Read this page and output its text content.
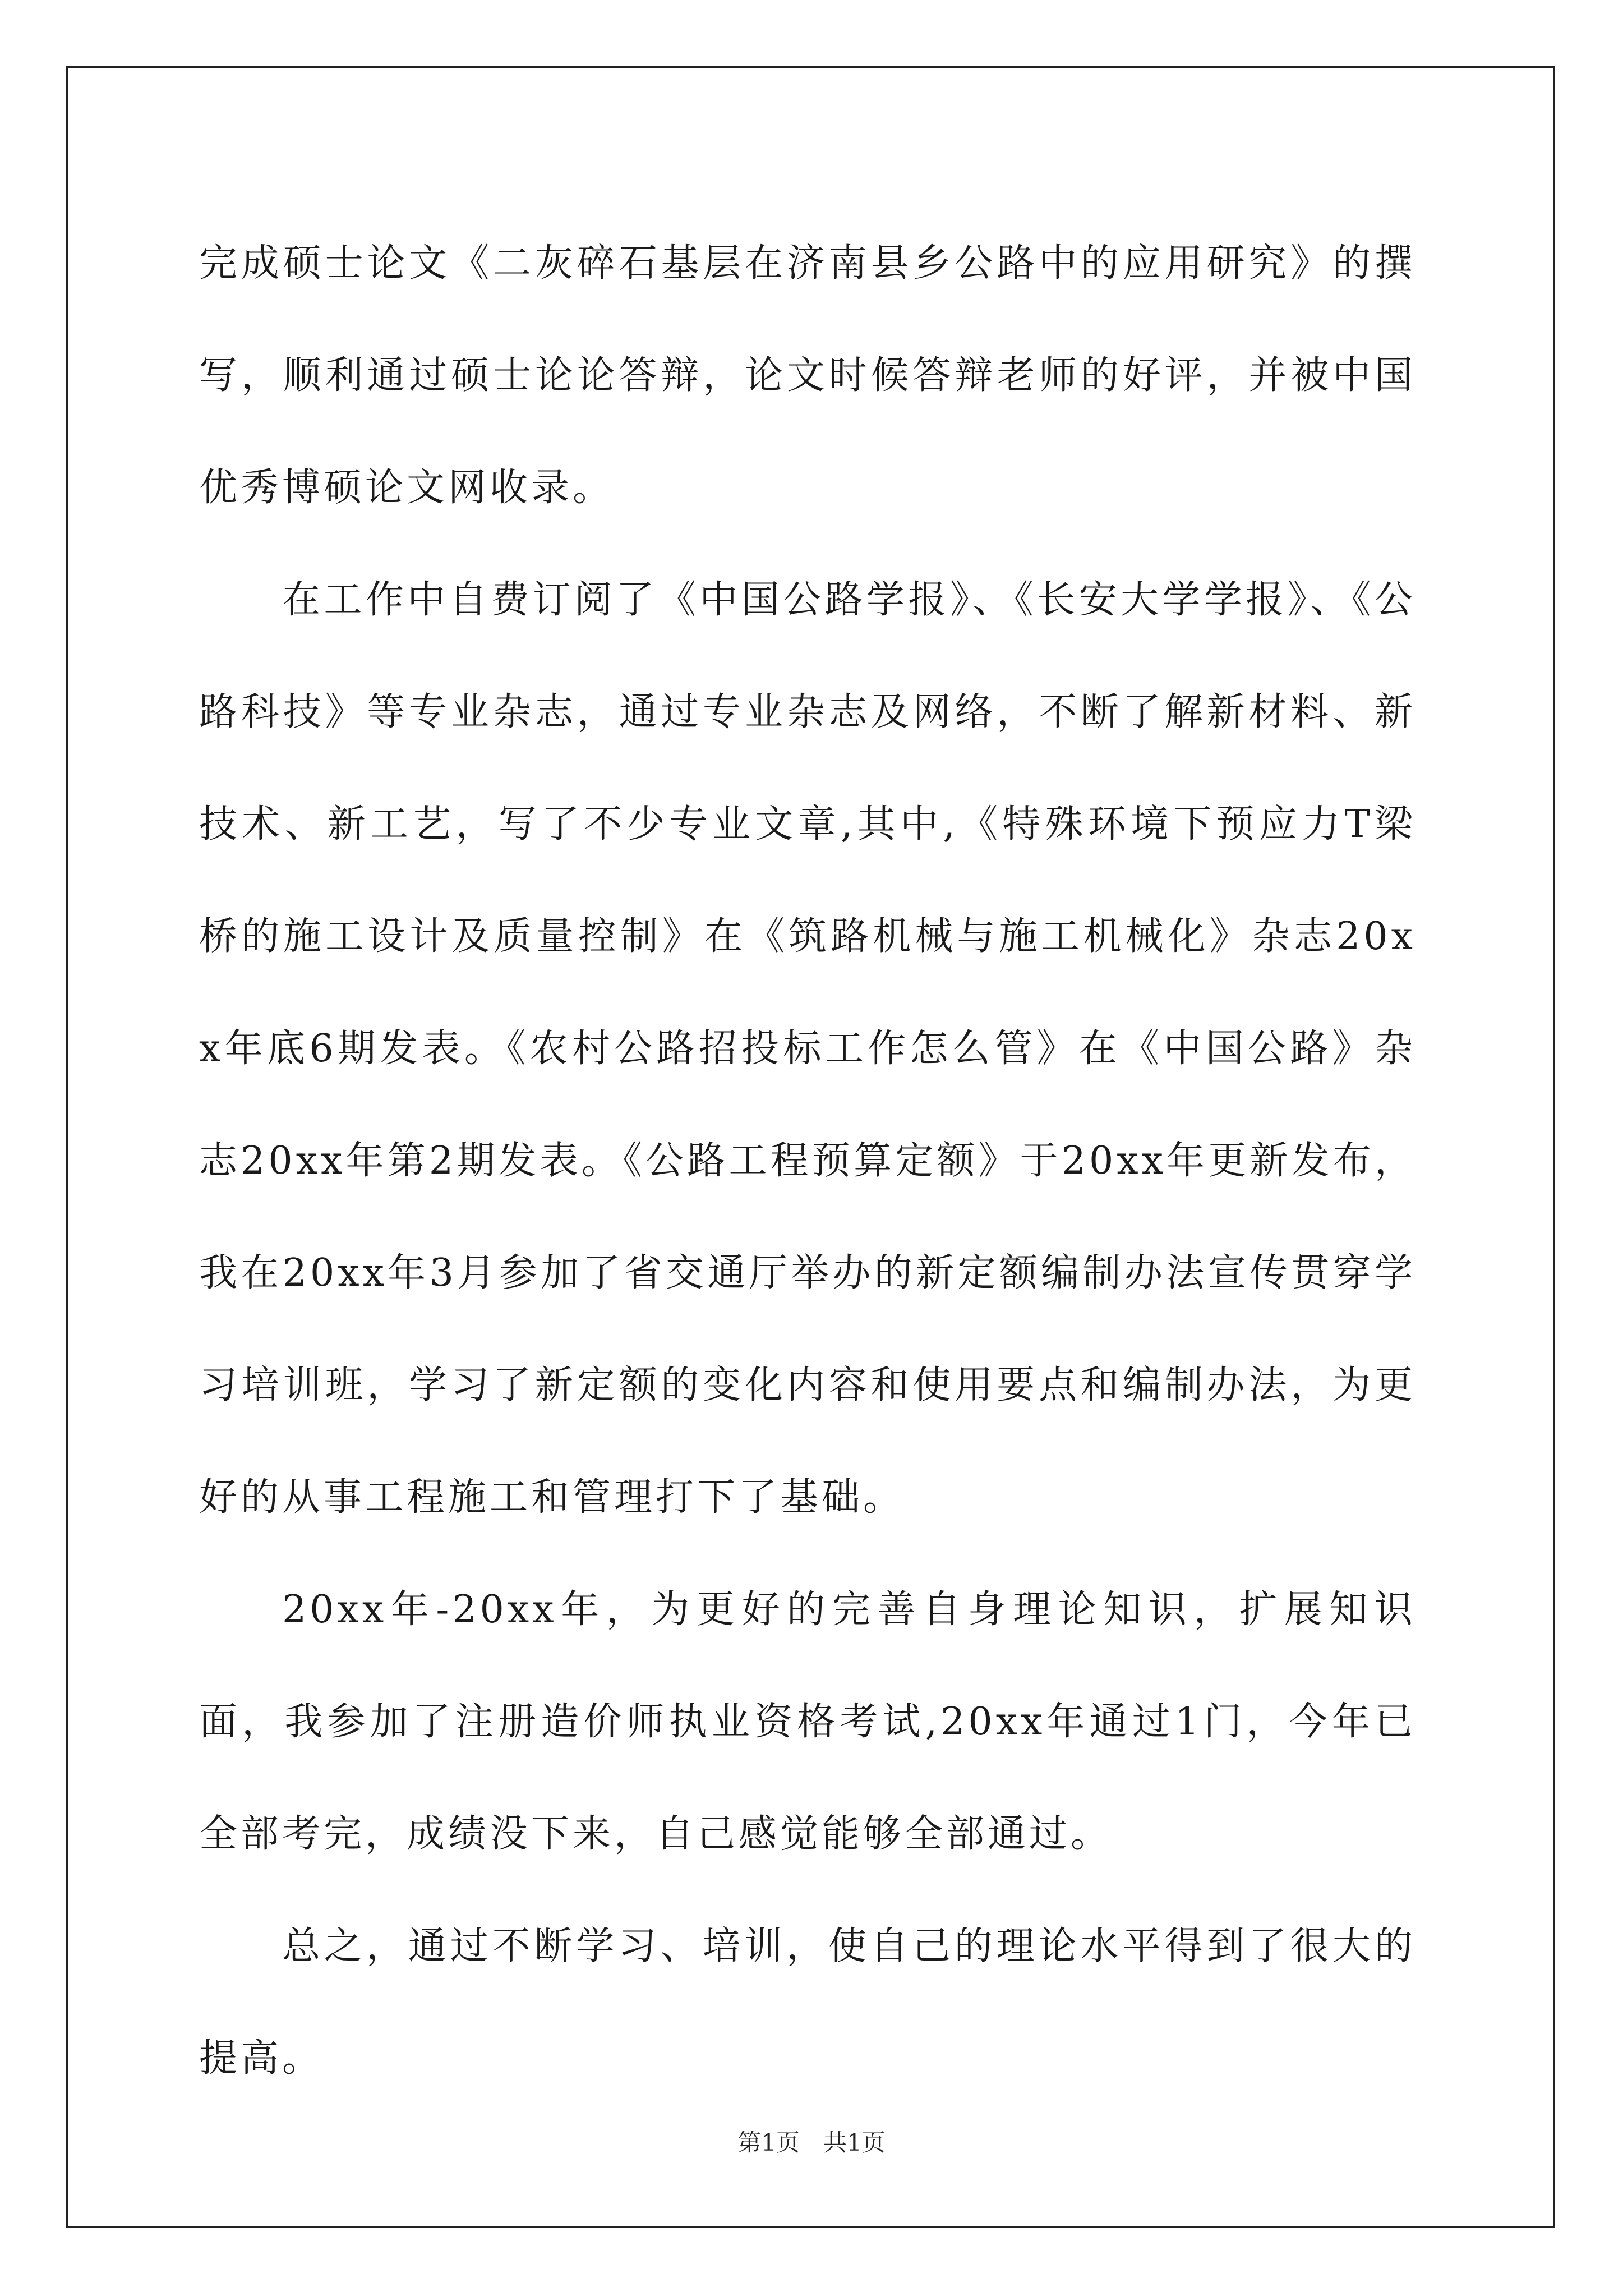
完成硕士论文《二灰碎石基层在济南县乡公路中的应用研究》的撰写，顺利通过硕士论论答辩，论文时候答辩老师的好评，并被中国优秀博硕论文网收录。

在工作中自费订阅了《中国公路学报》、《长安大学学报》、《公路科技》等专业杂志，通过专业杂志及网络，不断了解新材料、新技术、新工艺，写了不少专业文章,其中,《特殊环境下预应力T梁桥的施工设计及质量控制》在《筑路机械与施工机械化》杂志20xx年底6期发表。《农村公路招投标工作怎么管》在《中国公路》杂志20xx年第2期发表。《公路工程预算定额》于20xx年更新发布，我在20xx年3月参加了省交通厅举办的新定额编制办法宣传贯穿学习培训班，学习了新定额的变化内容和使用要点和编制办法，为更好的从事工程施工和管理打下了基础。

20xx年-20xx年，为更好的完善自身理论知识，扩展知识面，我参加了注册造价师执业资格考试,20xx年通过1门，今年已全部考完，成绩没下来，自己感觉能够全部通过。

总之，通过不断学习、培训，使自己的理论水平得到了很大的提高。

第1页　共1页
